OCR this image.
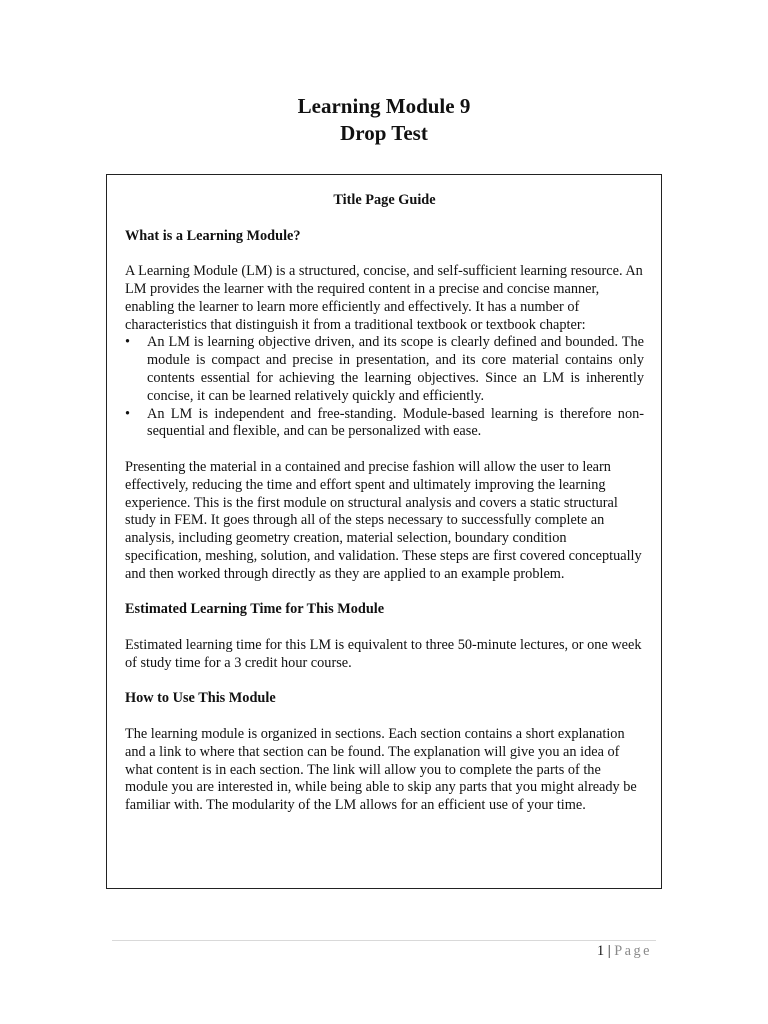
Learning Module 9
Drop Test

Title Page Guide

What is a Learning Module?

A Learning Module (LM) is a structured, concise, and self-sufficient learning resource. An LM provides the learner with the required content in a precise and concise manner, enabling the learner to learn more efficiently and effectively. It has a number of characteristics that distinguish it from a traditional textbook or textbook chapter:

• An LM is learning objective driven, and its scope is clearly defined and bounded. The module is compact and precise in presentation, and its core material contains only contents essential for achieving the learning objectives. Since an LM is inherently concise, it can be learned relatively quickly and efficiently.
• An LM is independent and free-standing. Module-based learning is therefore non-sequential and flexible, and can be personalized with ease.

Presenting the material in a contained and precise fashion will allow the user to learn effectively, reducing the time and effort spent and ultimately improving the learning experience. This is the first module on structural analysis and covers a static structural study in FEM. It goes through all of the steps necessary to successfully complete an analysis, including geometry creation, material selection, boundary condition specification, meshing, solution, and validation. These steps are first covered conceptually and then worked through directly as they are applied to an example problem.

Estimated Learning Time for This Module

Estimated learning time for this LM is equivalent to three 50-minute lectures, or one week of study time for a 3 credit hour course.

How to Use This Module

The learning module is organized in sections. Each section contains a short explanation and a link to where that section can be found. The explanation will give you an idea of what content is in each section. The link will allow you to complete the parts of the module you are interested in, while being able to skip any parts that you might already be familiar with. The modularity of the LM allows for an efficient use of your time.

1 | Page
